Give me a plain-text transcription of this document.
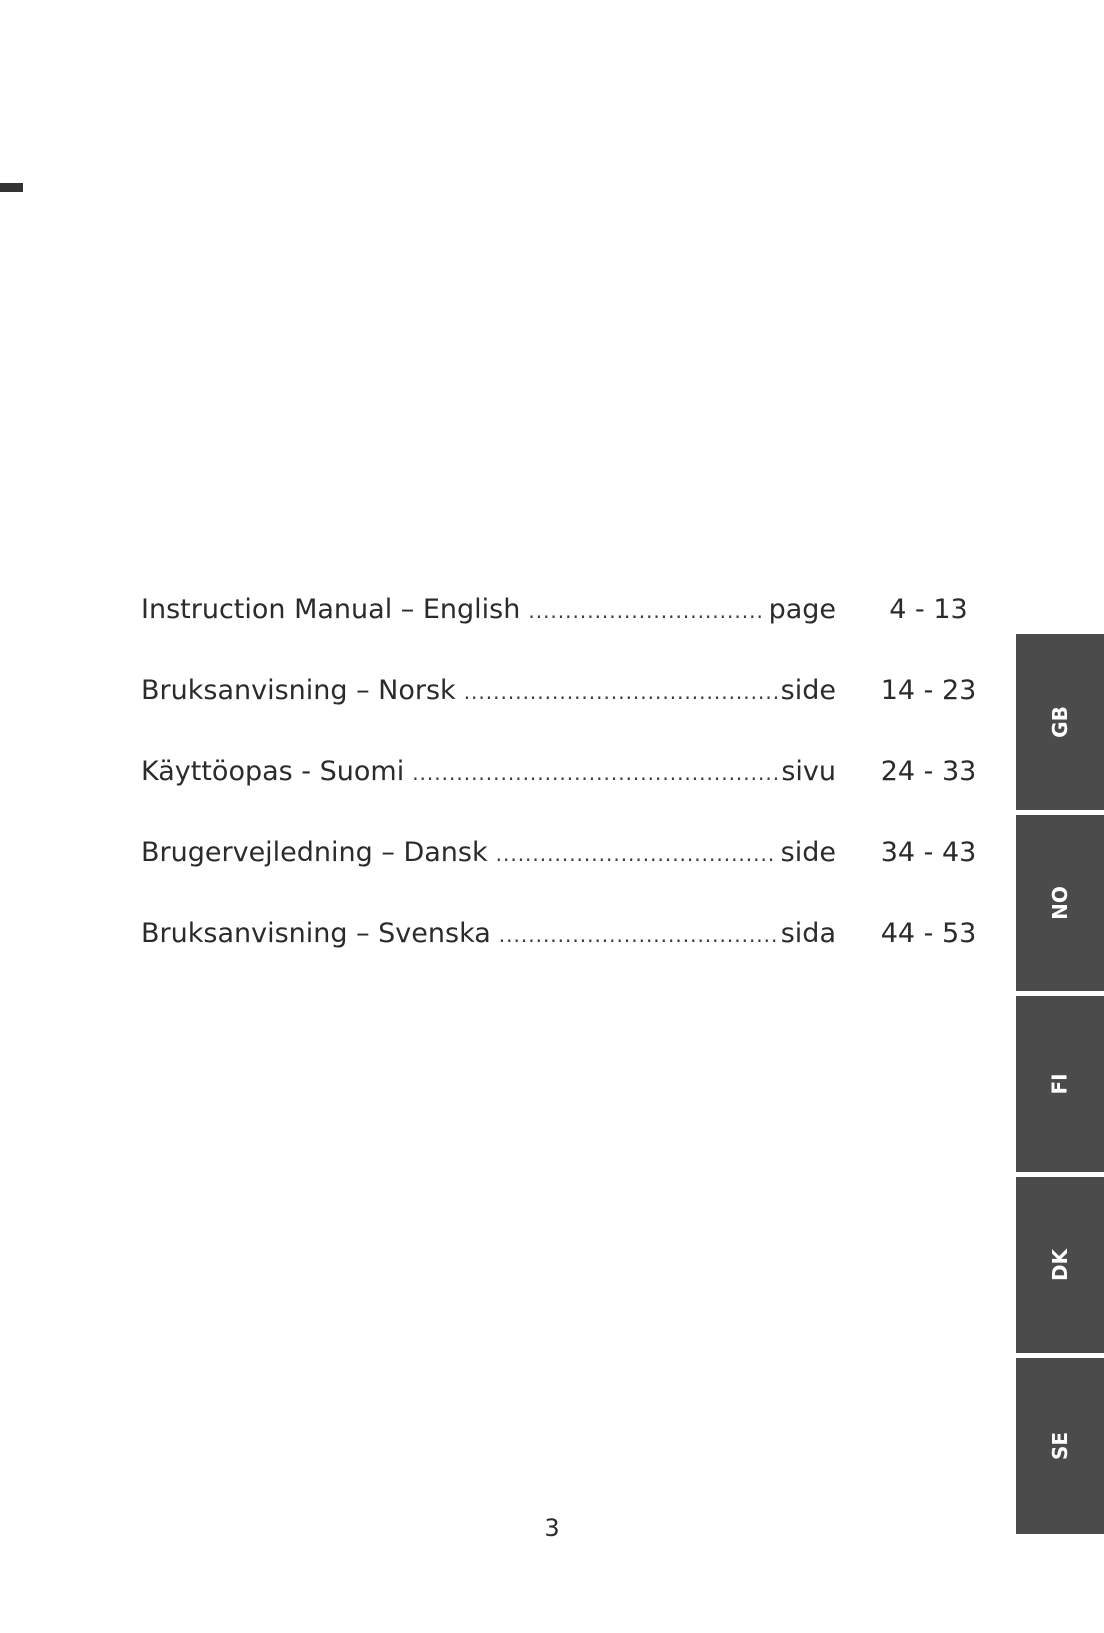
Instruction Manual – English .....	page	4 - 13
Bruksanvisning – Norsk .....	side 14 - 23
Käyttöopas - Suomi .....	sivu 24 - 33
Brugervejledning – Dansk .....	side 34 - 43
Bruksanvisning – Svenska .....	sida 44 - 53
GB
NO
FI
DK
SE
3
